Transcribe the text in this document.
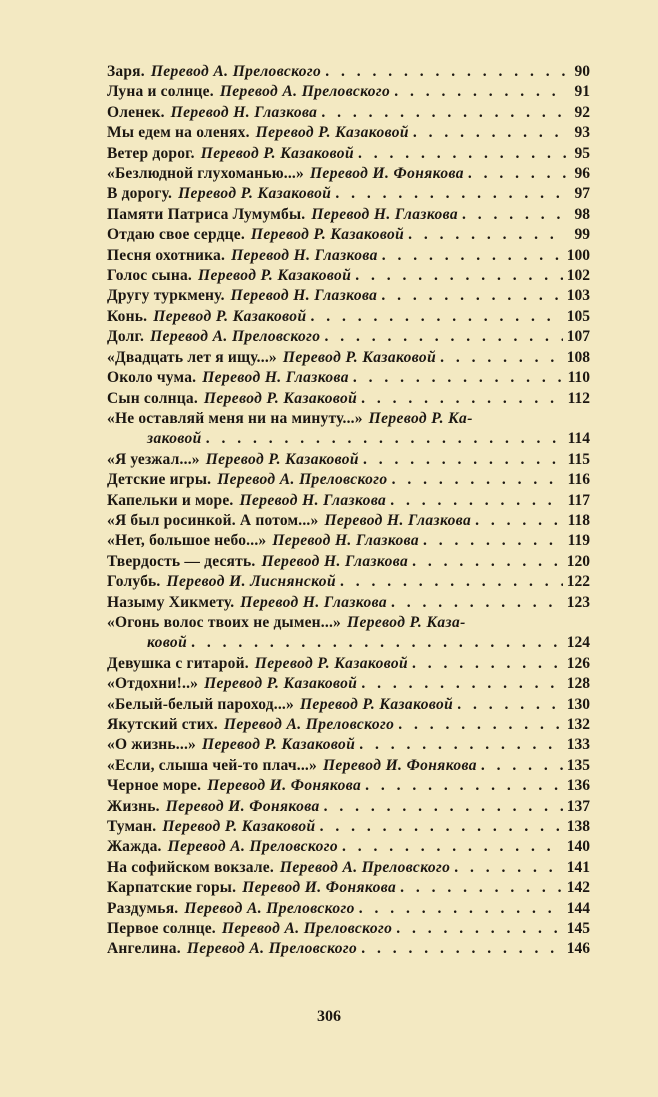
Заря. Перевод А. Преловского . . .	90
Луна и солнце. Перевод А. Преловского . . .	91
Оленек. Перевод Н. Глазкова . . .	92
Мы едем на оленях. Перевод Р. Казаковой . . .	93
Ветер дорог. Перевод Р. Казаковой . . .	95
«Безлюдной глухоманью...» Перевод И. Фонякова . . .	96
В дорогу. Перевод Р. Казаковой . . .	97
Памяти Патриса Лумумбы. Перевод Н. Глазкова . . .	98
Отдаю свое сердце. Перевод Р. Казаковой . . .	99
Песня охотника. Перевод Н. Глазкова . . .	100
Голос сына. Перевод Р. Казаковой . . .	102
Другу туркмену. Перевод Н. Глазкова . . .	103
Конь. Перевод Р. Казаковой . . .	105
Долг. Перевод А. Преловского . . .	107
«Двадцать лет я ищу...» Перевод Р. Казаковой . . .	108
Около чума. Перевод Н. Глазкова . . .	110
Сын солнца. Перевод Р. Казаковой . . .	112
«Не оставляй меня ни на минуту...» Перевод Р. Ка-
заковой . . .	114
«Я уезжал...» Перевод Р. Казаковой . . .	115
Детские игры. Перевод А. Преловского . . .	116
Капельки и море. Перевод Н. Глазкова . . .	117
«Я был росинкой. А потом...» Перевод Н. Глазкова . . .	118
«Нет, большое небо...» Перевод Н. Глазкова . . .	119
Твердость — десять. Перевод Н. Глазкова . . .	120
Голубь. Перевод И. Лиснянской . . .	122
Назыму Хикмету. Перевод Н. Глазкова . . .	123
«Огонь волос твоих не дымен...» Перевод Р. Каза-
ковой . . .	124
Девушка с гитарой. Перевод Р. Казаковой . . .	126
«Отдохни!..» Перевод Р. Казаковой . . .	128
«Белый-белый пароход...» Перевод Р. Казаковой . . .	130
Якутский стих. Перевод А. Преловского . . .	132
«О жизнь...» Перевод Р. Казаковой . . .	133
«Если, слыша чей-то плач...» Перевод И. Фонякова . . .	135
Черное море. Перевод И. Фонякова . . .	136
Жизнь. Перевод И. Фонякова . . .	137
Туман. Перевод Р. Казаковой . . .	138
Жажда. Перевод А. Преловского . . .	140
На софийском вокзале. Перевод А. Преловского . . .	141
Карпатские горы. Перевод И. Фонякова . . .	142
Раздумья. Перевод А. Преловского . . .	144
Первое солнце. Перевод А. Преловского . . .	145
Ангелина. Перевод А. Преловского . . .	146
306
